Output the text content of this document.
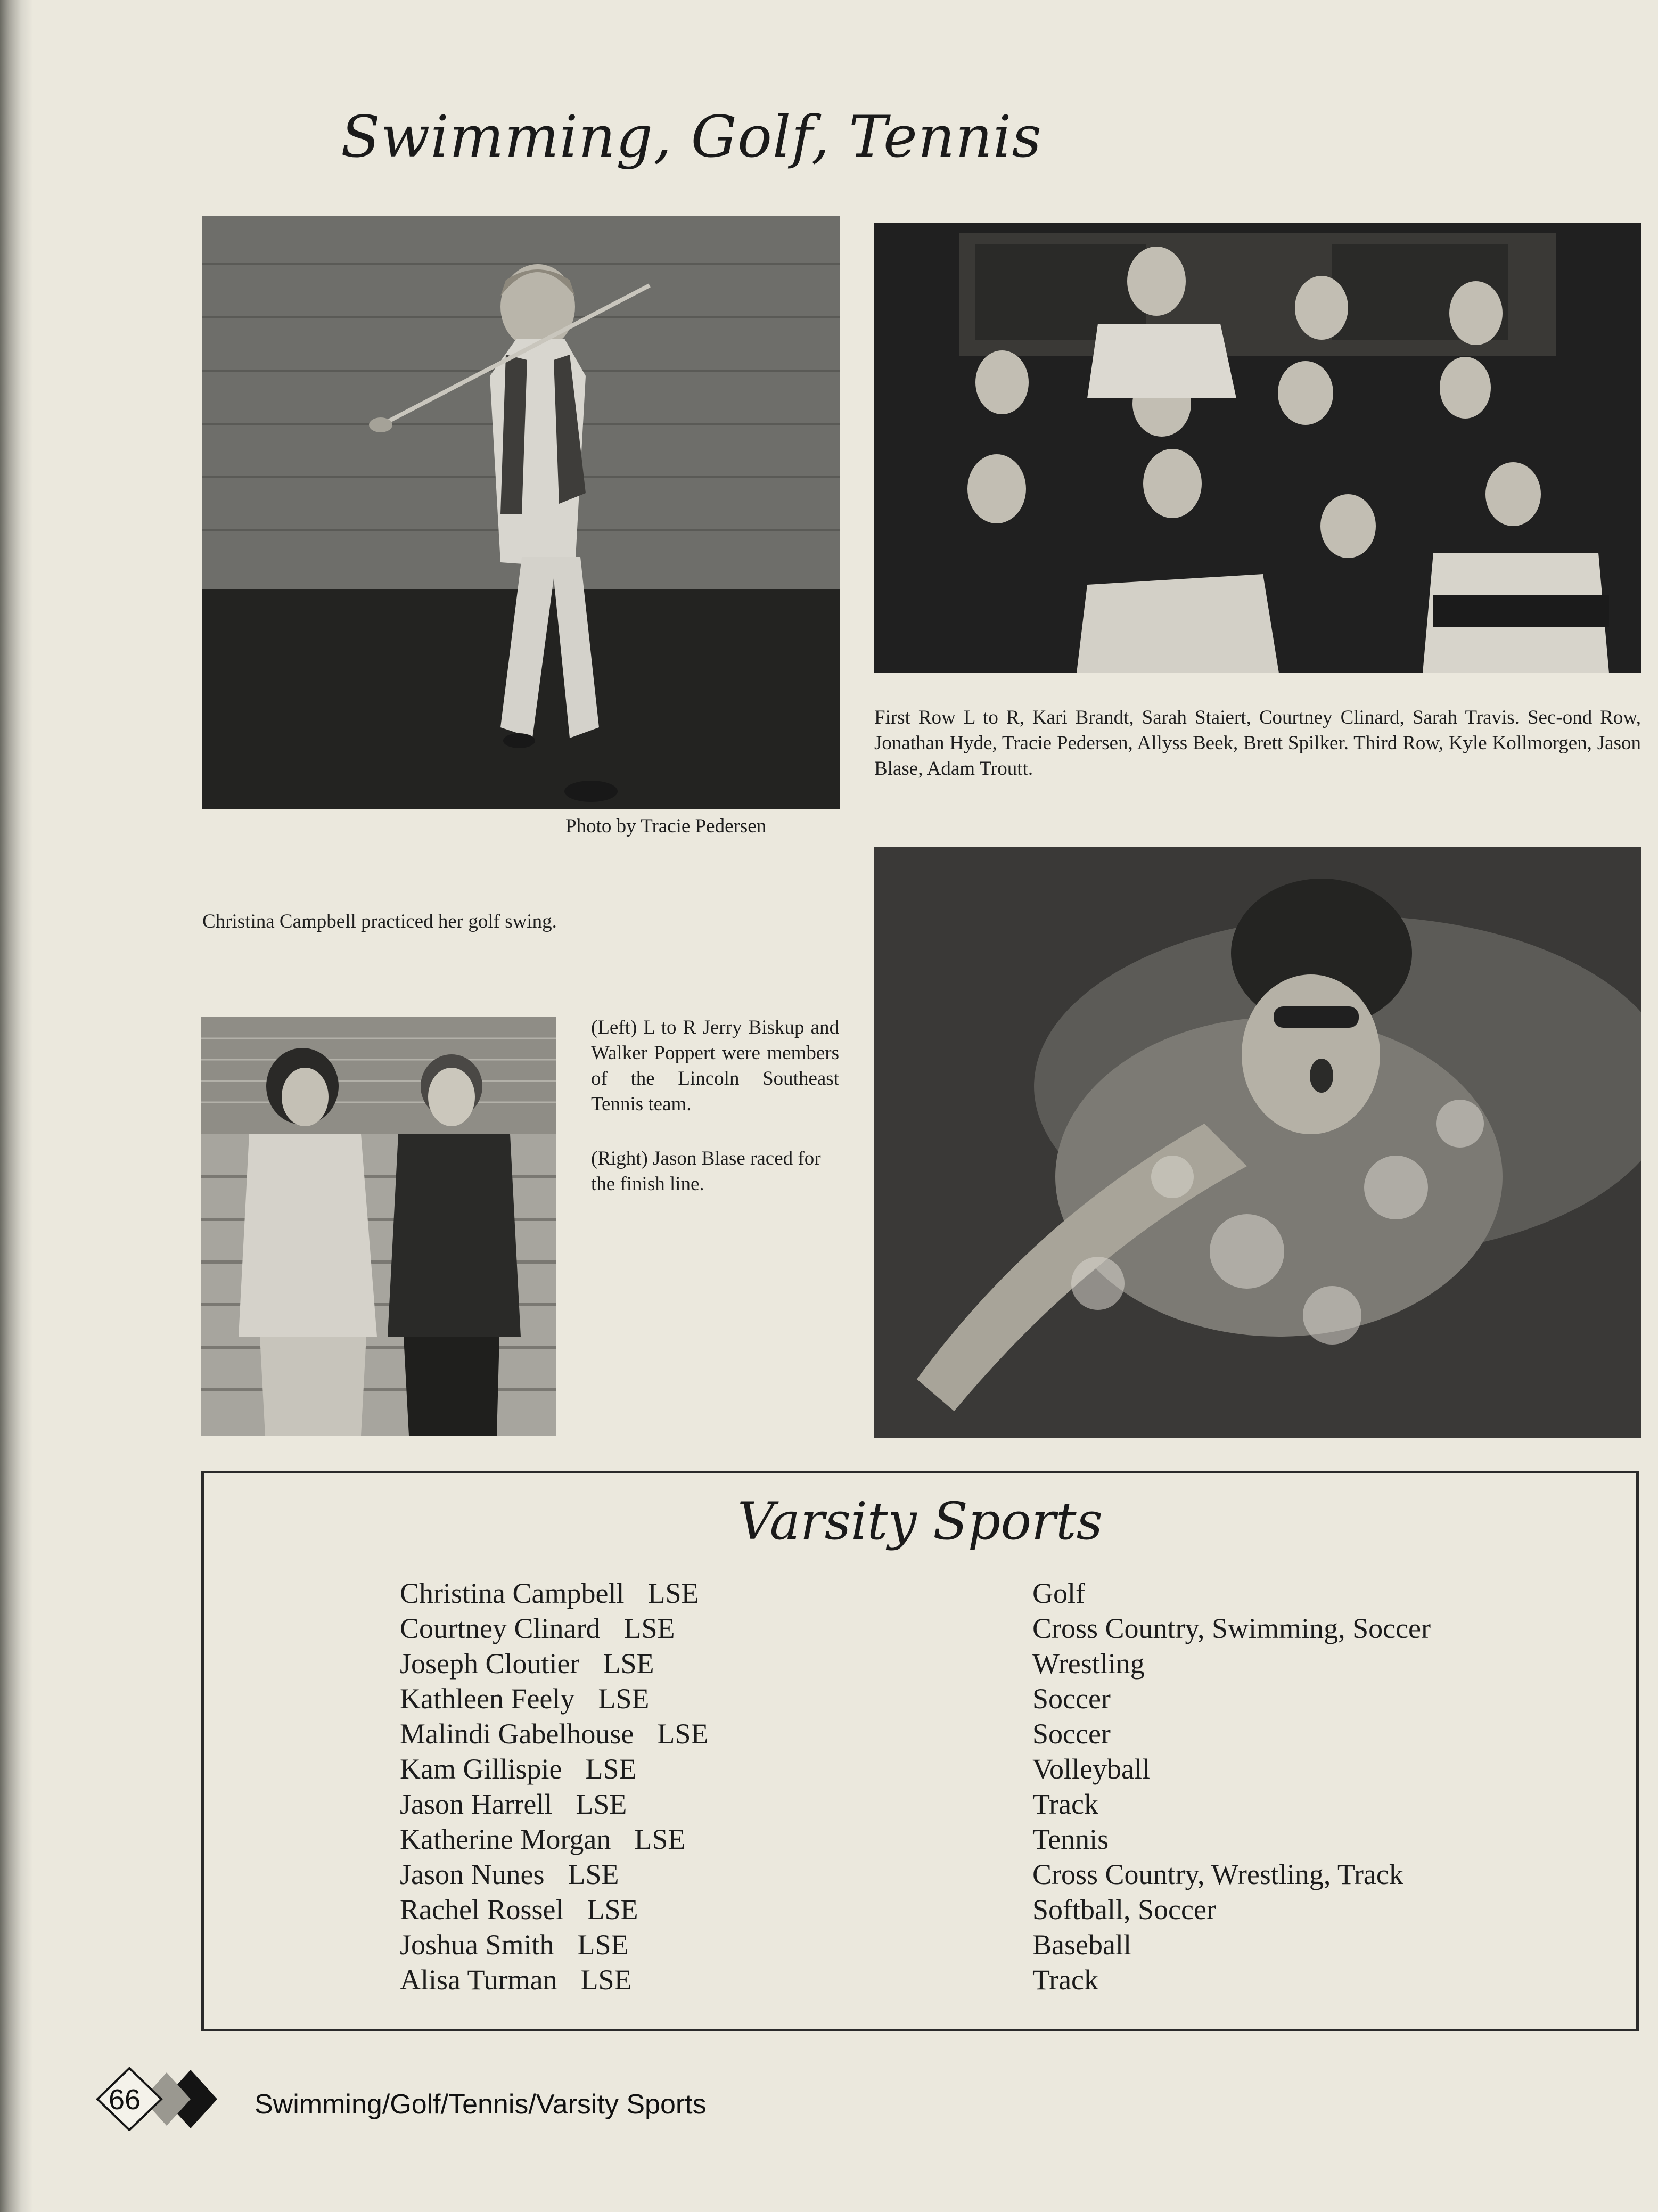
Swimming, Golf, Tennis
Photo by Tracie Pedersen
Christina Campbell practiced her golf swing.
First Row L to R, Kari Brandt, Sarah Staiert, Courtney Clinard, Sarah Travis. Sec-ond Row, Jonathan Hyde, Tracie Pedersen, Allyss Beek, Brett Spilker. Third Row, Kyle Kollmorgen, Jason Blase, Adam Troutt.
(Left) L to R Jerry Biskup and Walker Poppert were members of the Lincoln Southeast Tennis team.
(Right) Jason Blase raced for the finish line.
Varsity Sports
Christina Campbell LSE
Courtney Clinard LSE
Joseph Cloutier LSE
Kathleen Feely LSE
Malindi Gabelhouse LSE
Kam Gillispie LSE
Jason Harrell LSE
Katherine Morgan LSE
Jason Nunes LSE
Rachel Rossel LSE
Joshua Smith LSE
Alisa Turman LSE
Golf
Cross Country, Swimming, Soccer
Wrestling
Soccer
Soccer
Volleyball
Track
Tennis
Cross Country, Wrestling, Track
Softball, Soccer
Baseball
Track
66	Swimming/Golf/Tennis/Varsity Sports
